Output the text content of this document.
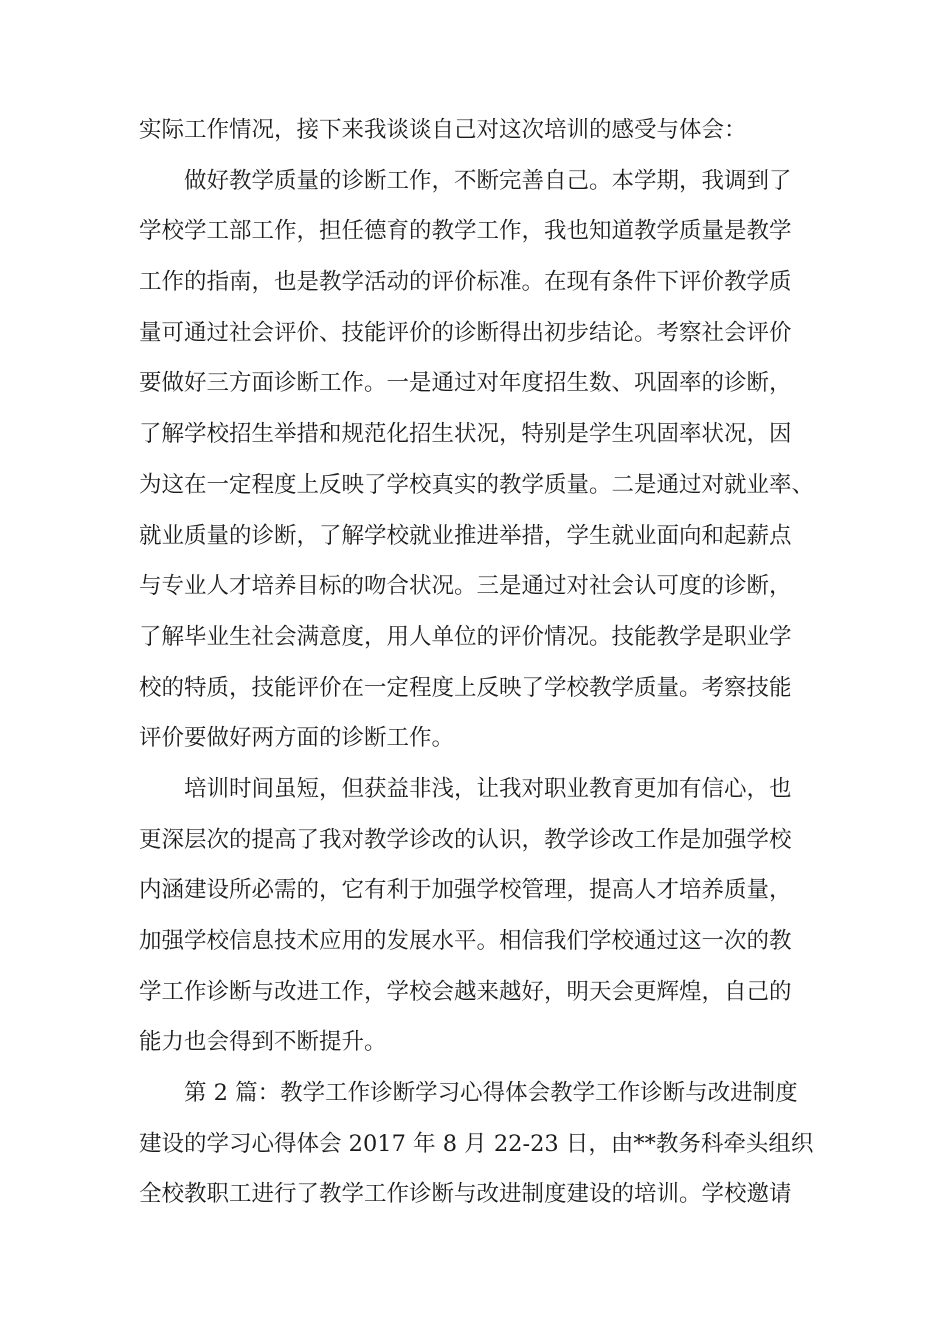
实际工作情况，接下来我谈谈自己对这次培训的感受与体会：
做好教学质量的诊断工作，不断完善自己。本学期，我调到了
学校学工部工作，担任德育的教学工作，我也知道教学质量是教学
工作的指南，也是教学活动的评价标准。在现有条件下评价教学质
量可通过社会评价、技能评价的诊断得出初步结论。考察社会评价
要做好三方面诊断工作。一是通过对年度招生数、巩固率的诊断，
了解学校招生举措和规范化招生状况，特别是学生巩固率状况，因
为这在一定程度上反映了学校真实的教学质量。二是通过对就业率、
就业质量的诊断，了解学校就业推进举措，学生就业面向和起薪点
与专业人才培养目标的吻合状况。三是通过对社会认可度的诊断，
了解毕业生社会满意度，用人单位的评价情况。技能教学是职业学
校的特质，技能评价在一定程度上反映了学校教学质量。考察技能
评价要做好两方面的诊断工作。
培训时间虽短，但获益非浅，让我对职业教育更加有信心，也
更深层次的提高了我对教学诊改的认识，教学诊改工作是加强学校
内涵建设所必需的，它有利于加强学校管理，提高人才培养质量，
加强学校信息技术应用的发展水平。相信我们学校通过这一次的教
学工作诊断与改进工作，学校会越来越好，明天会更辉煌，自己的
能力也会得到不断提升。
第 2 篇：教学工作诊断学习心得体会教学工作诊断与改进制度
建设的学习心得体会 2017 年 8 月 22-23 日，由**教务科牵头组织
全校教职工进行了教学工作诊断与改进制度建设的培训。学校邀请
